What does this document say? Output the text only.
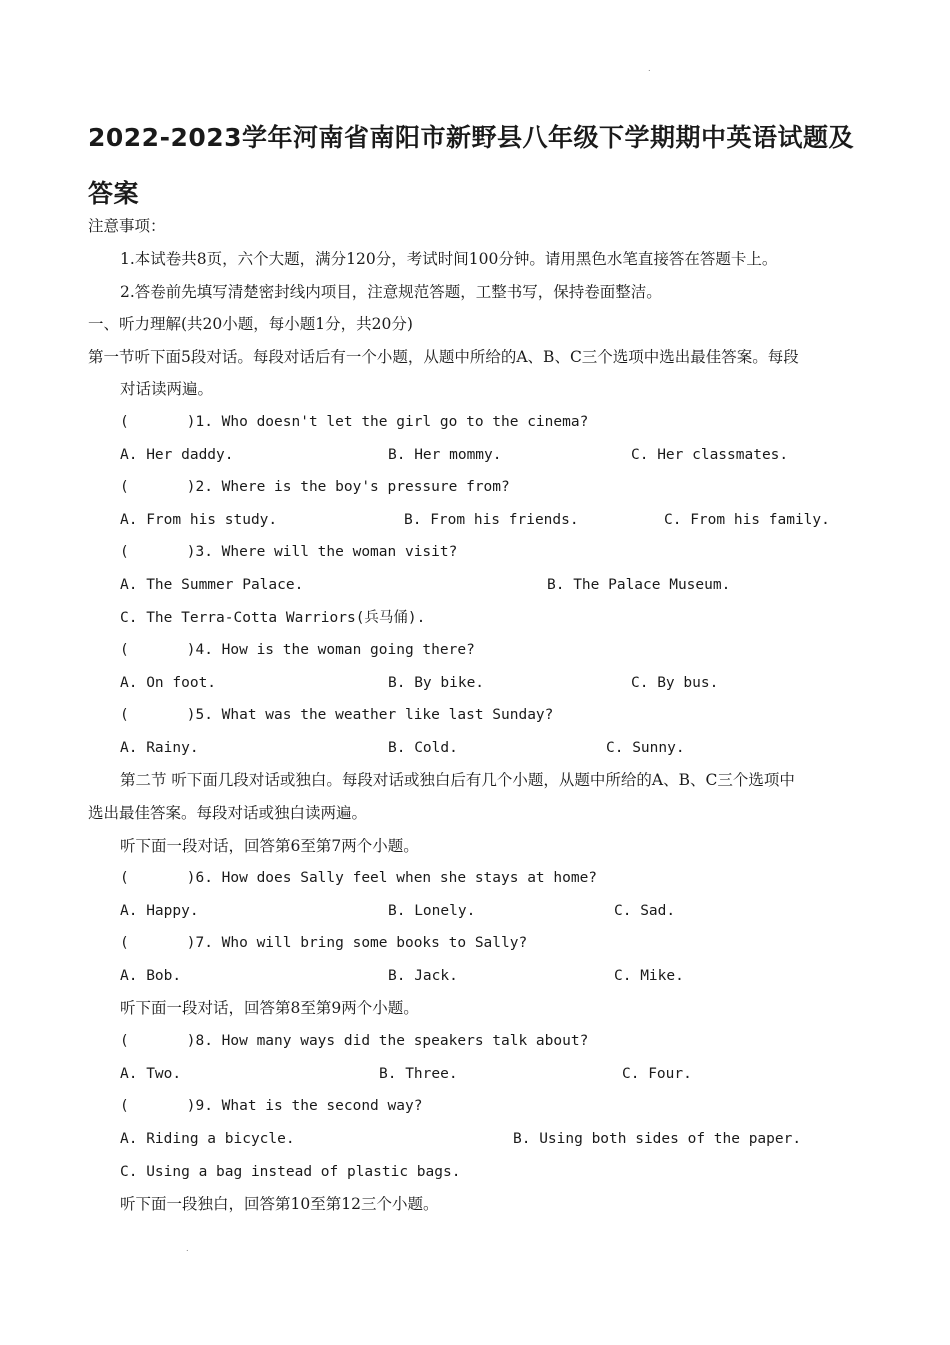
.
2022-2023学年河南省南阳市新野县八年级下学期期中英语试题及答案
注意事项：
1.本试卷共8页，六个大题，满分120分，考试时间100分钟。请用黑色水笔直接答在答题卡上。
2.答卷前先填写清楚密封线内项目，注意规范答题，工整书写，保持卷面整洁。
一、听力理解(共20小题，每小题1分，共20分)
第一节听下面5段对话。每段对话后有一个小题，从题中所给的A、B、C三个选项中选出最佳答案。每段
对话读两遍。
(	)1. Who doesn't let the girl go to the cinema?
A. Her daddy.	B. Her mommy.	C. Her classmates.
(	)2. Where is the boy's pressure from?
A. From his study.	B. From his friends.	C. From his family.
(	)3. Where will the woman visit?
A. The Summer Palace.	B. The Palace Museum.
C. The Terra-Cotta Warriors(兵马俑).
(	)4. How is the woman going there?
A. On foot.	B. By bike.	C. By bus.
(	)5. What was the weather like last Sunday?
A. Rainy.	B. Cold.	C. Sunny.
第二节 听下面几段对话或独白。每段对话或独白后有几个小题，从题中所给的A、B、C三个选项中
选出最佳答案。每段对话或独白读两遍。
听下面一段对话，回答第6至第7两个小题。
(	)6. How does Sally feel when she stays at home?
A. Happy.	B. Lonely.	C. Sad.
(	)7. Who will bring some books to Sally?
A. Bob.	B. Jack.	C. Mike.
听下面一段对话，回答第8至第9两个小题。
(	)8. How many ways did the speakers talk about?
A. Two.	B. Three.	C. Four.
(	)9. What is the second way?
A. Riding a bicycle.	B. Using both sides of the paper.
C. Using a bag instead of plastic bags.
听下面一段独白，回答第10至第12三个小题。
.
